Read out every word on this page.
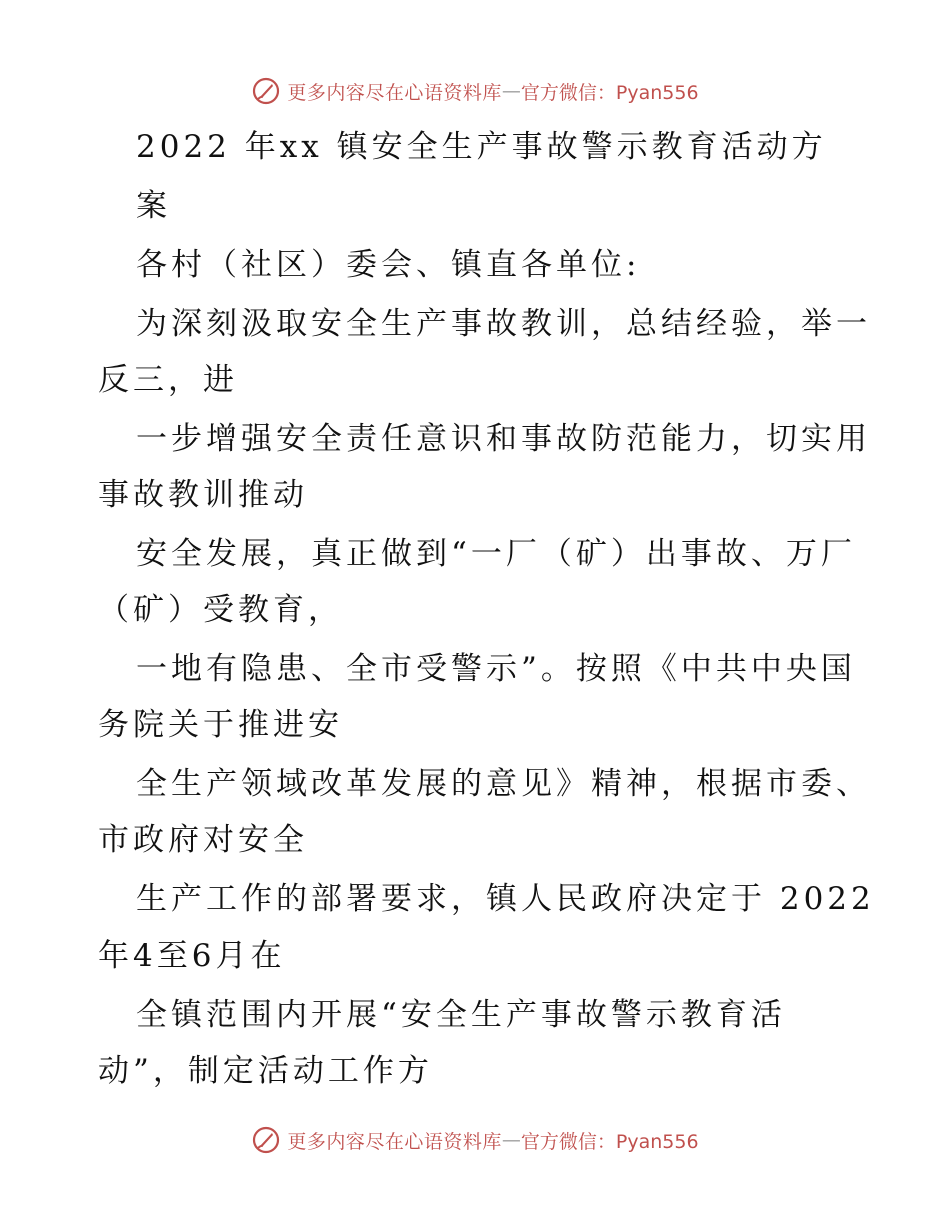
更多内容尽在心语资料库 — 官方微信：Pyan556
2022 年xx 镇安全生产事故警示教育活动方
案
各村（社区）委会、镇直各单位:
为深刻汲取安全生产事故教训，总结经验，举一
反三，进
一步增强安全责任意识和事故防范能力，切实用
事故教训推动
安全发展，真正做到“一厂（矿）出事故、万厂
（矿）受教育，
一地有隐患、全市受警示”。按照《中共中央国
务院关于推进安
全生产领域改革发展的意见》精神，根据市委、
市政府对安全
生产工作的部署要求，镇人民政府决定于 2022
年4至6月在
全镇范围内开展“安全生产事故警示教育活
动”，制定活动工作方
更多内容尽在心语资料库 — 官方微信：Pyan556
